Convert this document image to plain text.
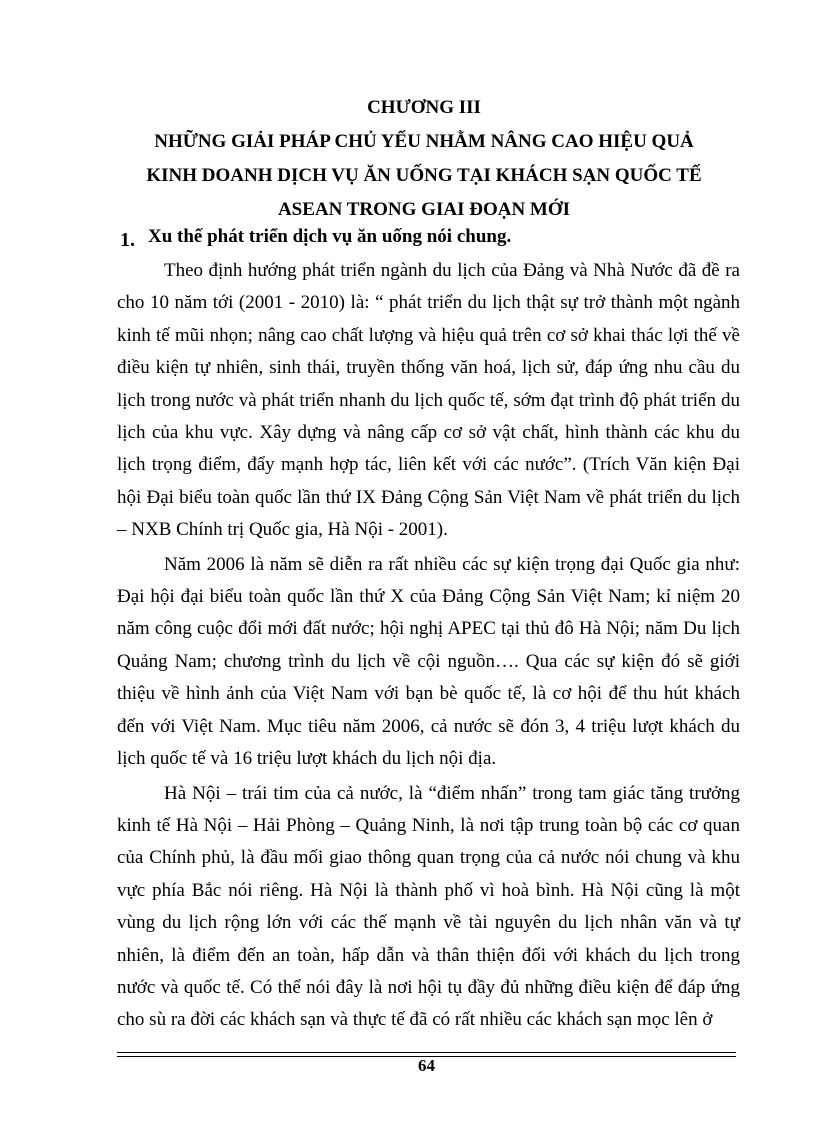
CHƯƠNG III
NHỮNG GIẢI PHÁP CHỦ YẾU NHẰM NÂNG CAO HIỆU QUẢ
KINH DOANH DỊCH VỤ ĂN UỐNG TẠI KHÁCH SẠN QUỐC TẾ
ASEAN TRONG GIAI ĐOẠN MỚI
1. Xu thế phát triển dịch vụ ăn uống nói chung.

Theo định hướng phát triển ngành du lịch của Đảng và Nhà Nước đã đề ra cho 10 năm tới (2001 - 2010) là: “ phát triển du lịch thật sự trở thành một ngành kinh tế mũi nhọn; nâng cao chất lượng và hiệu quả trên cơ sở khai thác lợi thế về điều kiện tự nhiên, sinh thái, truyền thống văn hoá, lịch sử, đáp ứng nhu cầu du lịch trong nước và phát triển nhanh du lịch quốc tế, sớm đạt trình độ phát triển du lịch của khu vực. Xây dựng và nâng cấp cơ sở vật chất, hình thành các khu du lịch trọng điểm, đẩy mạnh hợp tác, liên kết với các nước”. (Trích Văn kiện Đại hội Đại biểu toàn quốc lần thứ IX Đảng Cộng Sản Việt Nam về phát triển du lịch – NXB Chính trị Quốc gia, Hà Nội - 2001).

Năm 2006 là năm sẽ diễn ra rất nhiều các sự kiện trọng đại Quốc gia như: Đại hội đại biểu toàn quốc lần thứ X của Đảng Cộng Sản Việt Nam; kỉ niệm 20 năm công cuộc đổi mới đất nước; hội nghị APEC tại thủ đô Hà Nội; năm Du lịch Quảng Nam; chương trình du lịch về cội nguồn…. Qua các sự kiện đó sẽ giới thiệu về hình ảnh của Việt Nam với bạn bè quốc tế, là cơ hội để thu hút khách đến với Việt Nam. Mục tiêu năm 2006, cả nước sẽ đón 3, 4 triệu lượt khách du lịch quốc tế và 16 triệu lượt khách du lịch nội địa.

Hà Nội – trái tim của cả nước, là “điểm nhấn” trong tam giác tăng trưởng kinh tế Hà Nội – Hải Phòng – Quảng Ninh, là nơi tập trung toàn bộ các cơ quan của Chính phủ, là đầu mối giao thông quan trọng của cả nước nói chung và khu vực phía Bắc nói riêng. Hà Nội là thành phố vì hoà bình. Hà Nội cũng là một vùng du lịch rộng lớn với các thế mạnh về tài nguyên du lịch nhân văn và tự nhiên, là điểm đến an toàn, hấp dẫn và thân thiện đối với khách du lịch trong nước và quốc tế. Có thể nói đây là nơi hội tụ đầy đủ những điều kiện để đáp ứng cho sù ra đời các khách sạn và thực tế đã có rất nhiều các khách sạn mọc lên ở

64
